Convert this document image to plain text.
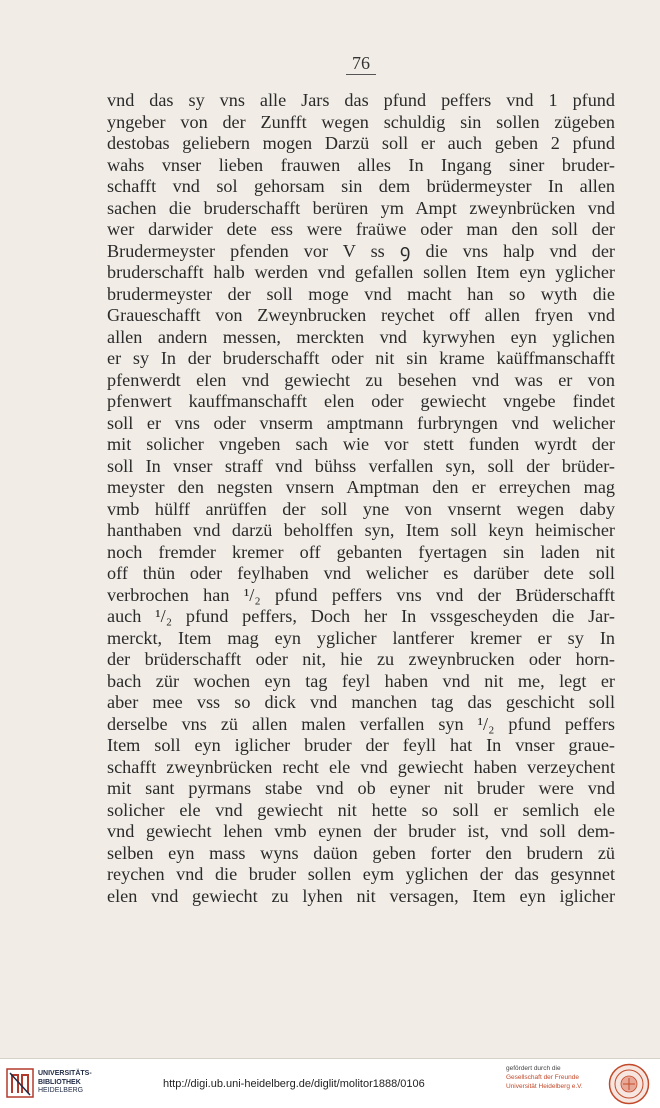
76
vnd das sy vns alle Jars das pfund peffers vnd 1 pfund
yngeber von der Zunfft wegen schuldig sin sollen zügeben
destobas geliebern mogen Darzü soll er auch geben 2 pfund
wahs vnser lieben frauwen alles In Ingang siner bruder-
schafft vnd sol gehorsam sin dem brüdermeyster In allen
sachen die bruderschafft berüren ym Ampt zweynbrücken vnd
wer darwider dete ess were fraüwe oder man den soll der
Brudermeyster pfenden vor V ss ꝯ die vns halp vnd der
bruderschafft halb werden vnd gefallen sollen Item eyn yglicher
brudermeyster der soll moge vnd macht han so wyth die
Graueschafft von Zweynbrucken reychet off allen fryen vnd
allen andern messen, merckten vnd kyrwyhen eyn yglichen
er sy In der bruderschafft oder nit sin krame kaüffmanschafft
pfenwerdt elen vnd gewiecht zu besehen vnd was er von
pfenwert kauffmanschafft elen oder gewiecht vngebe findet
soll er vns oder vnserm amptmann furbryngen vnd welicher
mit solicher vngeben sach wie vor stett funden wyrdt der
soll In vnser straff vnd bühss verfallen syn, soll der brüder-
meyster den negsten vnsern Amptman den er erreychen mag
vmb hülff anrüffen der soll yne von vnsernt wegen daby
hanthaben vnd darzü beholffen syn, Item soll keyn heimischer
noch fremder kremer off gebanten fyertagen sin laden nit
off thün oder feylhaben vnd welicher es darüber dete soll
verbrochen han ¹/₂ pfund peffers vns vnd der Brüderschafft
auch ¹/₂ pfund peffers, Doch her In vssgescheyden die Jar-
merckt, Item mag eyn yglicher lantferer kremer er sy In
der brüderschafft oder nit, hie zu zweynbrucken oder horn-
bach zür wochen eyn tag feyl haben vnd nit me, legt er
aber mee vss so dick vnd manchen tag das geschicht soll
derselbe vns zü allen malen verfallen syn ¹/₂ pfund peffers
Item soll eyn iglicher bruder der feyll hat In vnser graue-
schafft zweynbrücken recht ele vnd gewiecht haben verzeychent
mit sant pyrmans stabe vnd ob eyner nit bruder were vnd
solicher ele vnd gewiecht nit hette so soll er semlich ele
vnd gewiecht lehen vmb eynen der bruder ist, vnd soll dem-
selben eyn mass wyns daüon geben forter den brudern zü
reychen vnd die bruder sollen eym yglichen der das gesynnet
elen vnd gewiecht zu lyhen nit versagen, Item eyn iglicher
UNIVERSITÄTS-
BIBLIOTHEK
HEIDELBERG
http://digi.ub.uni-heidelberg.de/diglit/molitor1888/0106
gefördert durch die
Gesellschaft der Freunde
Universität Heidelberg e.V.
